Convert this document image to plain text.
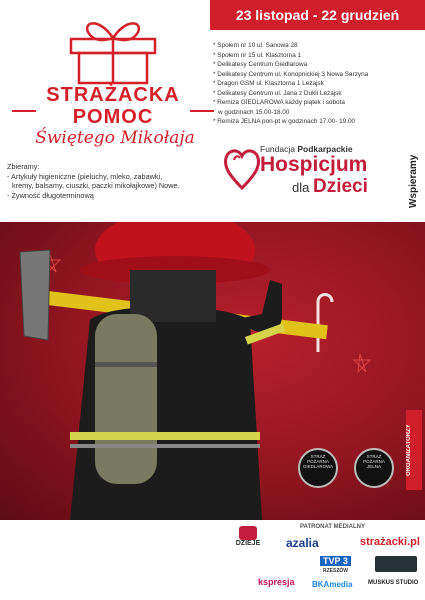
STRAŻACKA
POMOC
Świętego Mikołaja
Zbieramy:
- Artykuły higieniczne (pieluchy, mleko, zabawki,
kremy, balsamy, ciuszki, paczki mikołajkowe) Nowe.
- Żywność długoterminową
23 listopad - 22 grudzień
* Społem nr 10 ul. Sanowa 28
* Społem nr 15 ul. Klasztorna 1
* Delikatesy Centrum Giedlarowa
* Delikatesy Centrum ul. Konopnickiej 3 Nowa Sarzyna
* Dragon GSM ul. Klasztorna 1 Leżajsk
* Delikatesy Centrum ul. Jana z Dukli Leżajsk
* Remiza GIEDLAROWA każdy piątek i sobota
w godzinach 15.00-18.00
* Remiza JELNA pon-pt w godzinach 17.00- 19.00
Fundacja Podkarpackie
Hospicjum
dla Dzieci	Wspieramy
STRAŻ POŻARNA GIEDLAROWA
STRAŻ POŻARNA JELNA	ORGANIZATORZY
PATRONAT MEDIALNY
DZIEJE	azalia
TVP 3
RZESZÓW
strażacki.pl
kspresja BKAmedia	MUSKUS STUDIO
